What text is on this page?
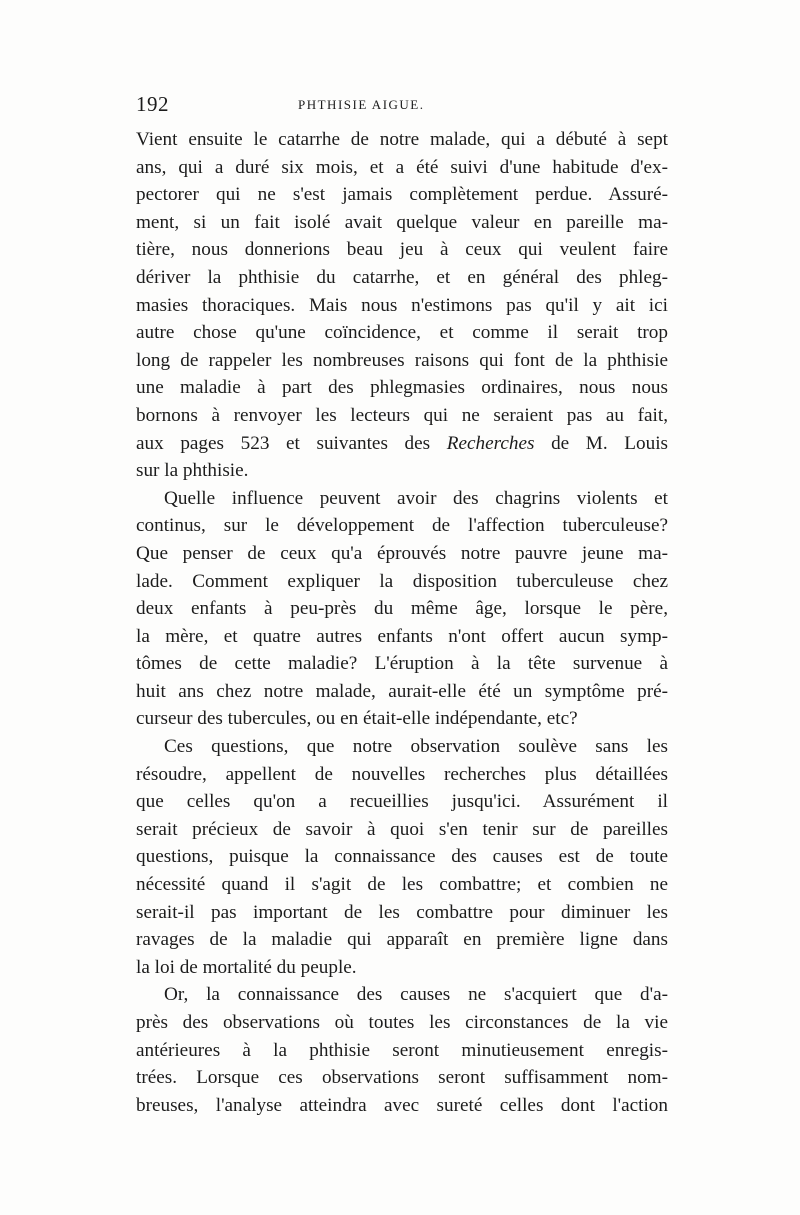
192	PHTHISIE AIGUE.
Vient ensuite le catarrhe de notre malade, qui a débuté à sept
ans, qui a duré six mois, et a été suivi d'une habitude d'ex-
pectorer qui ne s'est jamais complètement perdue. Assuré-
ment, si un fait isolé avait quelque valeur en pareille ma-
tière, nous donnerions beau jeu à ceux qui veulent faire
dériver la phthisie du catarrhe, et en général des phleg-
masies thoraciques. Mais nous n'estimons pas qu'il y ait ici
autre chose qu'une coïncidence, et comme il serait trop
long de rappeler les nombreuses raisons qui font de la phthisie
une maladie à part des phlegmasies ordinaires, nous nous
bornons à renvoyer les lecteurs qui ne seraient pas au fait,
aux pages 523 et suivantes des Recherches de M. Louis
sur la phthisie.
Quelle influence peuvent avoir des chagrins violents et
continus, sur le développement de l'affection tuberculeuse?
Que penser de ceux qu'a éprouvés notre pauvre jeune ma-
lade. Comment expliquer la disposition tuberculeuse chez
deux enfants à peu-près du même âge, lorsque le père,
la mère, et quatre autres enfants n'ont offert aucun symp-
tômes de cette maladie? L'éruption à la tête survenue à
huit ans chez notre malade, aurait-elle été un symptôme pré-
curseur des tubercules, ou en était-elle indépendante, etc?
Ces questions, que notre observation soulève sans les
résoudre, appellent de nouvelles recherches plus détaillées
que celles qu'on a recueillies jusqu'ici. Assurément il
serait précieux de savoir à quoi s'en tenir sur de pareilles
questions, puisque la connaissance des causes est de toute
nécessité quand il s'agit de les combattre; et combien ne
serait-il pas important de les combattre pour diminuer les
ravages de la maladie qui apparaît en première ligne dans
la loi de mortalité du peuple.
Or, la connaissance des causes ne s'acquiert que d'a-
près des observations où toutes les circonstances de la vie
antérieures à la phthisie seront minutieusement enregis-
trées. Lorsque ces observations seront suffisamment nom-
breuses, l'analyse atteindra avec sureté celles dont l'action
